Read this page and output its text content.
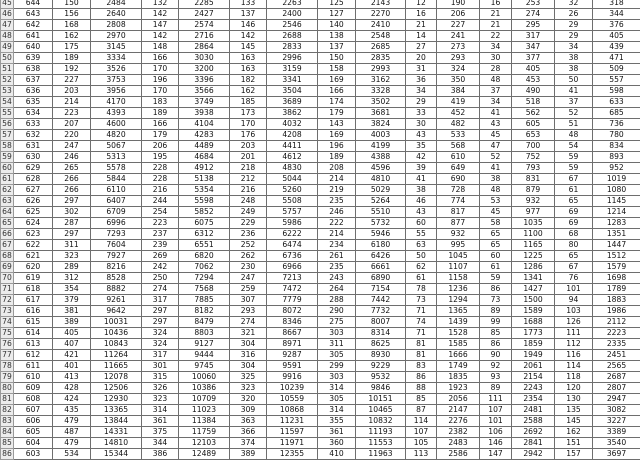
45	644	150	2484	132	2285	133	2263	125	2143	12	190	16	253	32	318
46	643	156	2640	142	2427	137	2400	127	2270	16	206	21	274	26	344
47	642	168	2808	147	2574	146	2546	140	2410	21	227	21	295	29	376
48	641	162	2970	142	2716	142	2688	138	2548	14	241	22	317	29	405
49	640	175	3145	148	2864	145	2833	137	2685	27	273	34	347	34	439
50	639	189	3334	166	3030	163	2996	150	2835	20	293	30	377	38	471
51	638	192	3526	170	3200	163	3159	158	2993	31	324	28	405	38	509
52	637	227	3753	196	3396	182	3341	169	3162	36	350	48	453	50	557
53	636	203	3956	170	3566	162	3504	166	3328	34	384	37	490	41	598
54	635	214	4170	183	3749	185	3689	174	3502	29	419	34	518	37	633
55	634	223	4393	189	3938	173	3862	179	3681	33	452	41	562	52	685
56	633	207	4600	166	4104	170	4032	143	3824	30	482	43	605	51	736
57	632	220	4820	179	4283	176	4208	169	4003	43	533	45	653	48	780
58	631	247	5067	206	4489	203	4411	196	4199	35	568	47	700	54	834
59	630	246	5313	195	4684	201	4612	189	4388	42	610	52	752	59	893
60	629	265	5578	228	4912	218	4830	208	4596	39	649	41	793	59	952
61	628	266	5844	228	5138	212	5044	214	4810	41	690	38	831	67	1019
62	627	266	6110	216	5354	216	5260	219	5029	38	728	48	879	61	1080
63	626	297	6407	244	5598	248	5508	235	5264	46	774	53	932	65	1145
64	625	302	6709	254	5852	249	5757	246	5510	43	817	45	977	69	1214
65	624	287	6996	223	6075	229	5986	222	5732	60	877	58	1035	69	1283
66	623	297	7293	237	6312	236	6222	214	5946	55	932	65	1100	68	1351
67	622	311	7604	239	6551	252	6474	234	6180	63	995	65	1165	80	1447
68	621	323	7927	269	6820	262	6736	261	6426	50	1045	60	1225	65	1512
69	620	289	8216	242	7062	230	6966	235	6661	62	1107	61	1286	67	1579
70	619	312	8528	250	7294	247	7213	243	6890	61	1158	59	1341	76	1698
71	618	354	8882	274	7568	259	7472	264	7154	78	1236	86	1427	101	1789
72	617	379	9261	317	7885	307	7779	288	7442	73	1294	73	1500	94	1883
73	616	381	9642	297	8182	293	8072	290	7732	71	1365	89	1589	103	1986
74	615	389	10031	297	8479	274	8346	275	8007	74	1439	99	1688	126	2112
75	614	405	10436	324	8803	321	8667	303	8314	71	1528	85	1773	111	2223
76	613	407	10843	324	9127	304	8971	311	8625	81	1585	86	1859	112	2335
77	612	421	11264	317	9444	316	9287	305	8930	81	1666	90	1949	116	2451
78	611	401	11665	301	9745	304	9591	299	9229	83	1749	92	2061	114	2565
79	610	413	12078	315	10060	325	9916	303	9532	86	1835	93	2154	118	2687
80	609	428	12506	326	10386	323	10239	314	9846	88	1923	89	2243	120	2807
81	608	424	12930	323	10709	320	10559	305	10151	85	2056	111	2354	130	2947
82	607	435	13365	314	11023	309	10868	314	10465	87	2147	107	2481	135	3082
83	606	479	13844	361	11384	363	11231	355	10832	114	2276	101	2588	145	3227
84	605	487	14331	375	11759	366	11597	361	11193	107	2382	106	2692	162	3389
85	604	479	14810	344	12103	374	11971	360	11553	105	2483	146	2841	151	3540
86	603	534	15344	386	12489	389	12355	410	11963	113	2586	147	2942	157	3697
